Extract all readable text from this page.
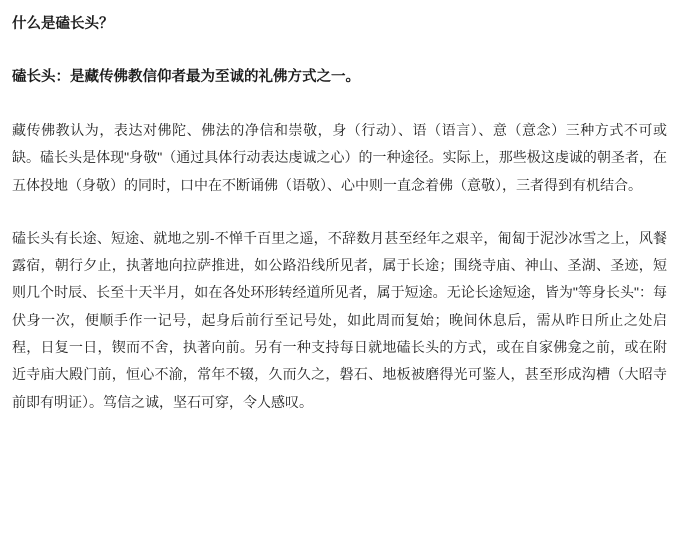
什么是磕长头？

磕长头：是藏传佛教信仰者最为至诚的礼佛方式之一。

藏传佛教认为，表达对佛陀、佛法的净信和崇敬，身（行动）、语（语言）、意（意念）三种方式不可或缺。磕长头是体现"身敬"（通过具体行动表达虔诚之心）的一种途径。实际上，那些极这虔诚的朝圣者，在五体投地（身敬）的同时，口中在不断诵佛（语敬）、心中则一直念着佛（意敬），三者得到有机结合。

磕长头有长途、短途、就地之别-不惮千百里之遥，不辞数月甚至经年之艰辛，匍匐于泥沙冰雪之上，风餐露宿，朝行夕止，执著地向拉萨推进，如公路沿线所见者，属于长途；围绕寺庙、神山、圣湖、圣迹，短则几个时辰、长至十天半月，如在各处环形转经道所见者，属于短途。无论长途短途，皆为"等身长头"：每伏身一次，便顺手作一记号，起身后前行至记号处，如此周而复始；晚间休息后，需从昨日所止之处启程，日复一日，锲而不舍，执著向前。另有一种支持每日就地磕长头的方式，或在自家佛龛之前，或在附近寺庙大殿门前，恒心不渝，常年不辍，久而久之，磐石、地板被磨得光可鉴人，甚至形成沟槽（大昭寺前即有明证）。笃信之诚，坚石可穿，令人感叹。
